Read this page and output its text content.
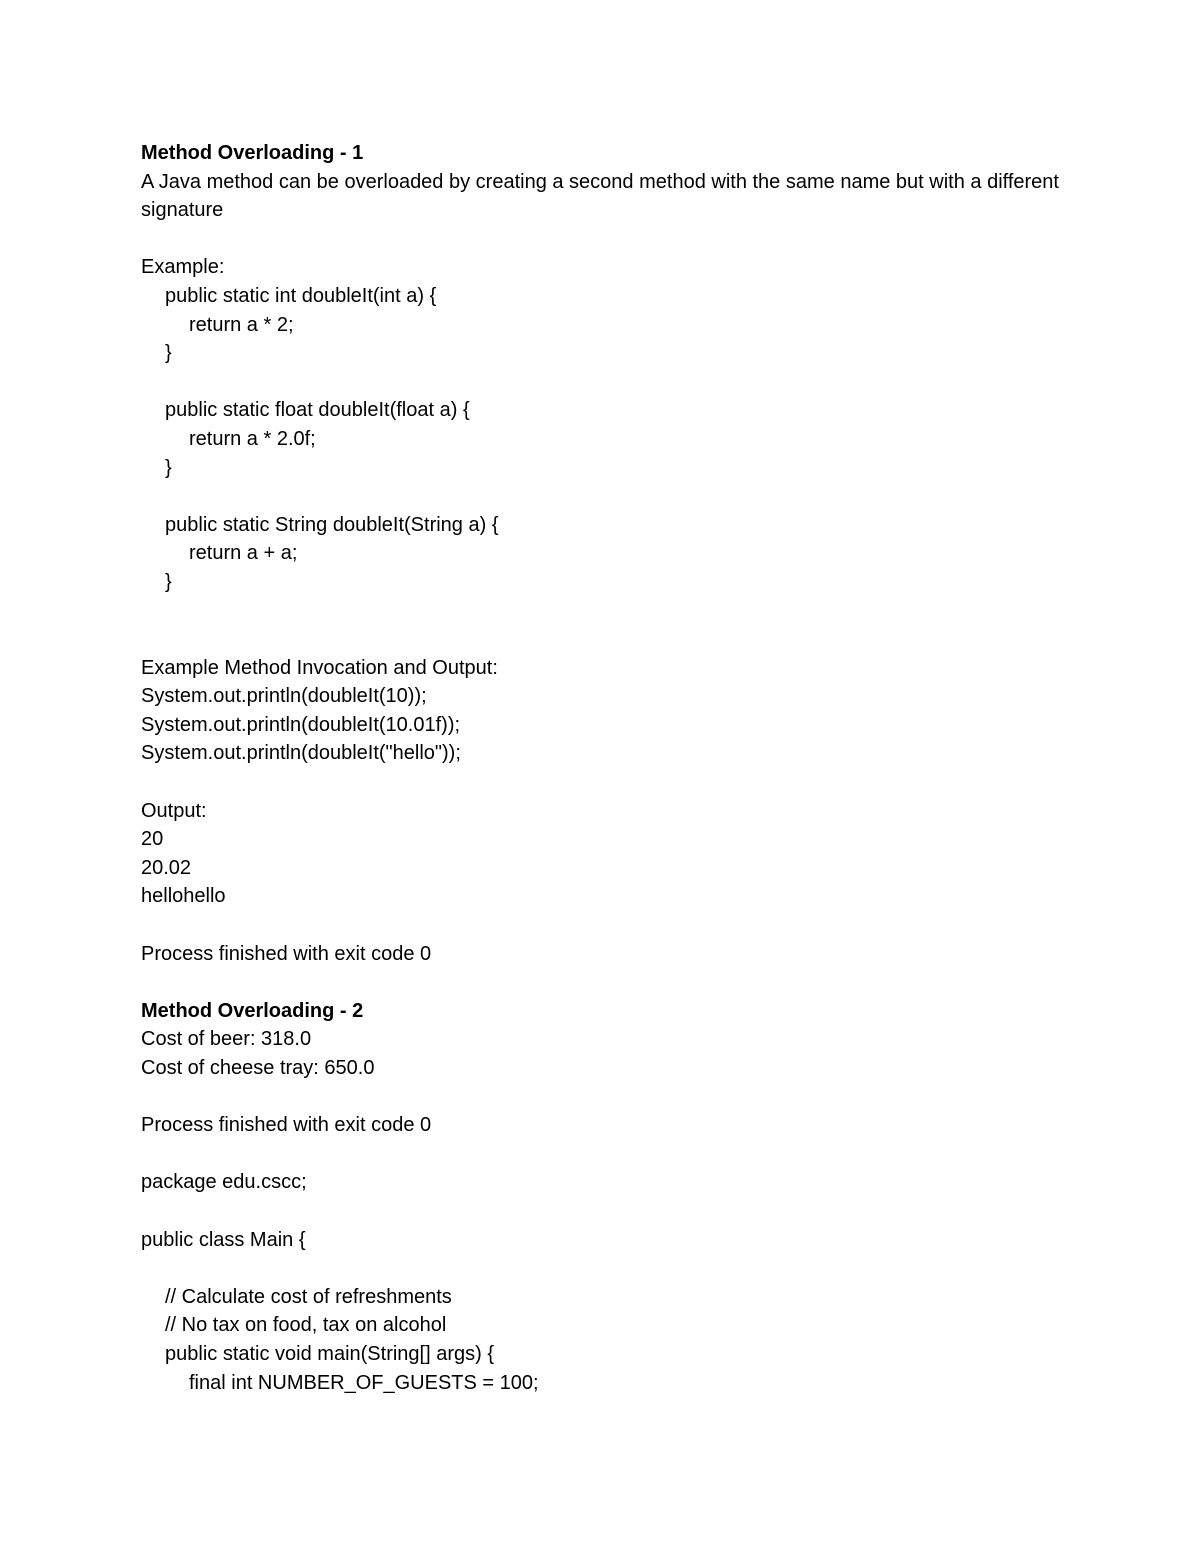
Method Overloading - 1
A Java method can be overloaded by creating a second method with the same name but with a different signature
Example:
public static int doubleIt(int a) {
return a * 2;
}
public static float doubleIt(float a) {
return a * 2.0f;
}
public static String doubleIt(String a) {
return a + a;
}
Example Method Invocation and Output:
System.out.println(doubleIt(10));
System.out.println(doubleIt(10.01f));
System.out.println(doubleIt("hello"));
Output:
20
20.02
hellohello
Process finished with exit code 0
Method Overloading - 2
Cost of beer: 318.0
Cost of cheese tray: 650.0
Process finished with exit code 0
package edu.cscc;
public class Main {
// Calculate cost of refreshments
// No tax on food, tax on alcohol
public static void main(String[] args) {
final int NUMBER_OF_GUESTS = 100;
